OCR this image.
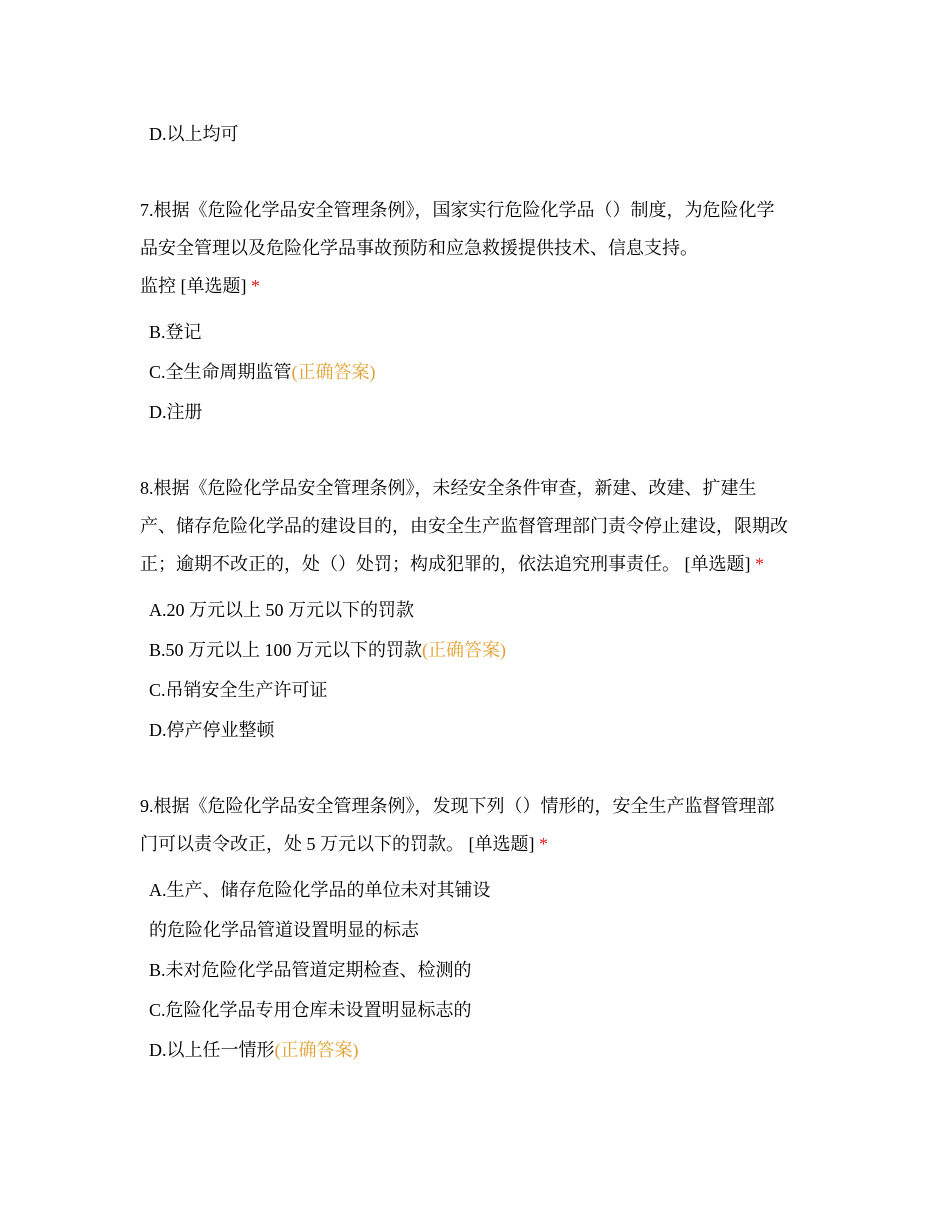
D.以上均可
7.根据《危险化学品安全管理条例》，国家实行危险化学品（）制度，为危险化学
品安全管理以及危险化学品事故预防和应急救援提供技术、信息支持。
监控 [单选题] *
B.登记
C.全生命周期监管(正确答案)
D.注册
8.根据《危险化学品安全管理条例》，未经安全条件审查，新建、改建、扩建生
产、储存危险化学品的建设目的，由安全生产监督管理部门责令停止建设，限期改
正；逾期不改正的，处（）处罚；构成犯罪的，依法追究刑事责任。 [单选题] *
A.20 万元以上 50 万元以下的罚款
B.50 万元以上 100 万元以下的罚款(正确答案)
C.吊销安全生产许可证
D.停产停业整顿
9.根据《危险化学品安全管理条例》，发现下列（）情形的，安全生产监督管理部
门可以责令改正，处 5 万元以下的罚款。 [单选题] *
A.生产、储存危险化学品的单位未对其铺设
的危险化学品管道设置明显的标志
B.未对危险化学品管道定期检查、检测的
C.危险化学品专用仓库未设置明显标志的
D.以上任一情形(正确答案)
